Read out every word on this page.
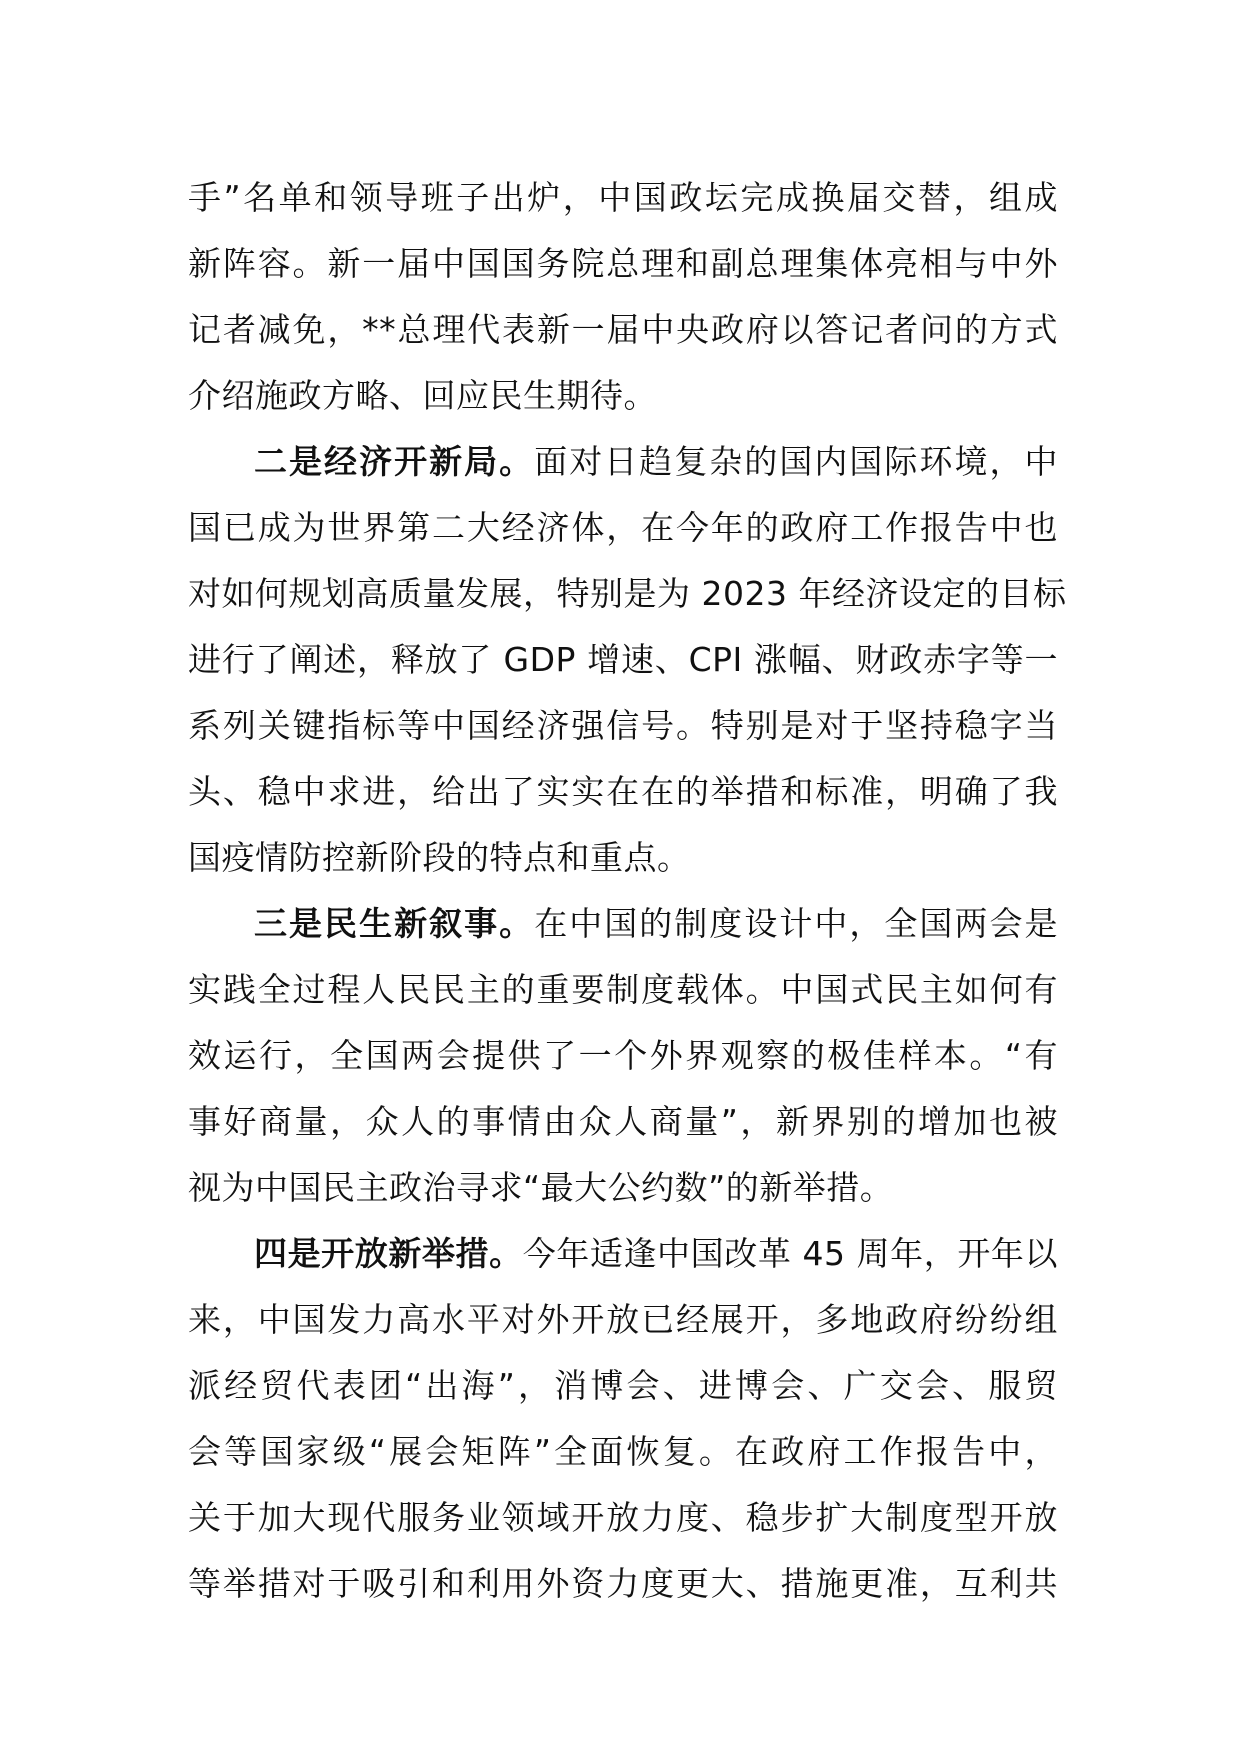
手”名单和领导班子出炉，中国政坛完成换届交替，组成
新阵容。新一届中国国务院总理和副总理集体亮相与中外
记者减免，**总理代表新一届中央政府以答记者问的方式
介绍施政方略、回应民生期待。
二是经济开新局。面对日趋复杂的国内国际环境，中
国已成为世界第二大经济体，在今年的政府工作报告中也
对如何规划高质量发展，特别是为 2023 年经济设定的目标
进行了阐述，释放了 GDP 增速、CPI 涨幅、财政赤字等一
系列关键指标等中国经济强信号。特别是对于坚持稳字当
头、稳中求进，给出了实实在在的举措和标准，明确了我
国疫情防控新阶段的特点和重点。
三是民生新叙事。在中国的制度设计中，全国两会是
实践全过程人民民主的重要制度载体。中国式民主如何有
效运行，全国两会提供了一个外界观察的极佳样本。“有
事好商量，众人的事情由众人商量”，新界别的增加也被
视为中国民主政治寻求“最大公约数”的新举措。
四是开放新举措。今年适逢中国改革 45 周年，开年以
来，中国发力高水平对外开放已经展开，多地政府纷纷组
派经贸代表团“出海”，消博会、进博会、广交会、服贸
会等国家级“展会矩阵”全面恢复。在政府工作报告中，
关于加大现代服务业领域开放力度、稳步扩大制度型开放
等举措对于吸引和利用外资力度更大、措施更准，互利共
